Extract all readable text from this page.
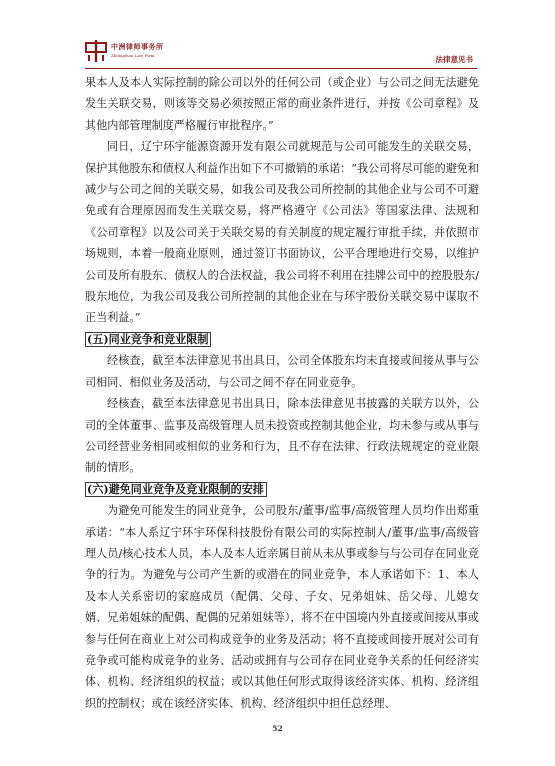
中洲律师事务所
Zhongzhou Law Firm	法律意见书

果本人及本人实际控制的除公司以外的任何公司（或企业）与公司之间无法避免发生关联交易，则该等交易必须按照正常的商业条件进行，并按《公司章程》及其他内部管理制度严格履行审批程序。”

同日，辽宁环宇能源资源开发有限公司就规范与公司可能发生的关联交易，保护其他股东和债权人利益作出如下不可撤销的承诺：“我公司将尽可能的避免和减少与公司之间的关联交易，如我公司及我公司所控制的其他企业与公司不可避免或有合理原因而发生关联交易，将严格遵守《公司法》等国家法律、法规和《公司章程》以及公司关于关联交易的有关制度的规定履行审批手续，并依照市场规则，本着一般商业原则，通过签订书面协议，公平合理地进行交易，以维护公司及所有股东、债权人的合法权益，我公司将不利用在挂牌公司中的控股股东/股东地位，为我公司及我公司所控制的其他企业在与环宇股份关联交易中谋取不正当利益。”

(五)同业竞争和竞业限制

经核查，截至本法律意见书出具日，公司全体股东均未直接或间接从事与公司相同、相似业务及活动，与公司之间不存在同业竞争。

经核查，截至本法律意见书出具日，除本法律意见书披露的关联方以外，公司的全体董事、监事及高级管理人员未投资或控制其他企业，均未参与或从事与公司经营业务相同或相似的业务和行为，且不存在法律、行政法规规定的竞业限制的情形。

(六)避免同业竞争及竞业限制的安排

为避免可能发生的同业竞争，公司股东/董事/监事/高级管理人员均作出郑重承诺：“本人系辽宁环宇环保科技股份有限公司的实际控制人/董事/监事/高级管理人员/核心技术人员，本人及本人近亲属目前从未从事或参与与公司存在同业竞争的行为。为避免与公司产生新的或潜在的同业竞争，本人承诺如下：1、本人及本人关系密切的家庭成员（配偶、父母、子女、兄弟姐妹、岳父母、儿媳女婿、兄弟姐妹的配偶、配偶的兄弟姐妹等），将不在中国境内外直接或间接从事或参与任何在商业上对公司构成竞争的业务及活动；将不直接或间接开展对公司有竞争或可能构成竞争的业务、活动或拥有与公司存在同业竞争关系的任何经济实体、机构、经济组织的权益；或以其他任何形式取得该经济实体、机构、经济组织的控制权；或在该经济实体、机构、经济组织中担任总经理、

52
